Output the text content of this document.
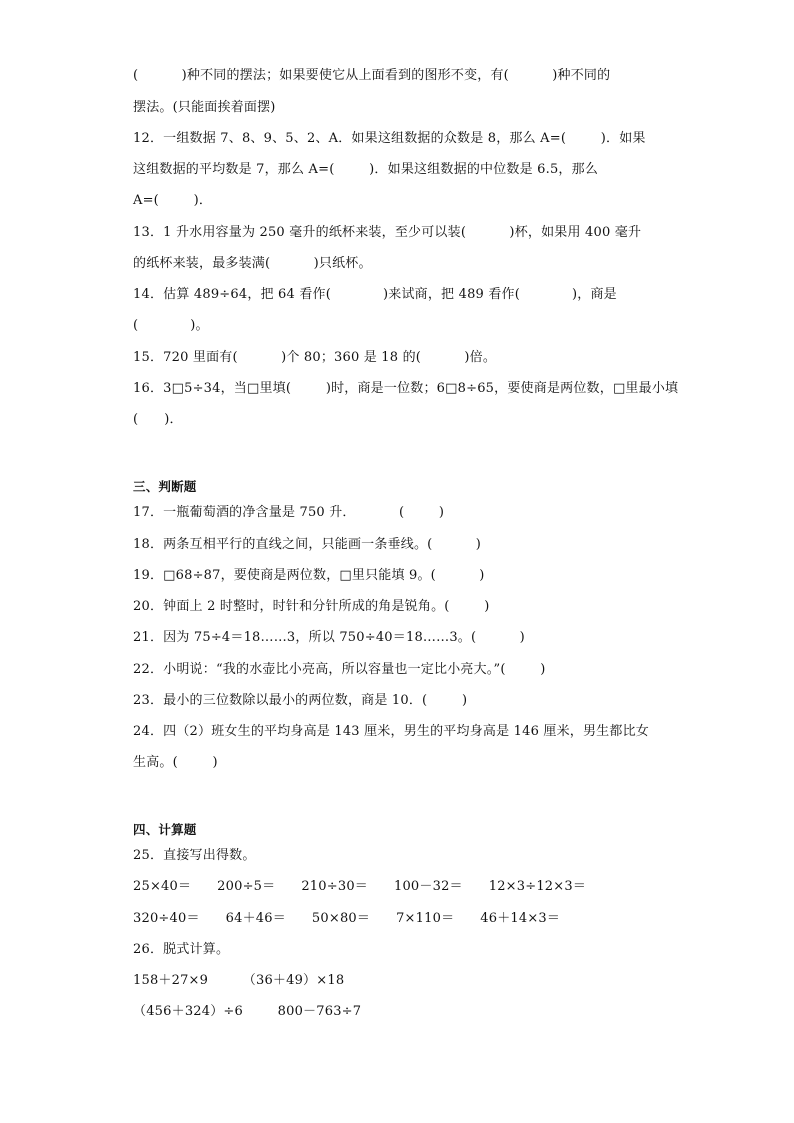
(          )种不同的摆法；如果要使它从上面看到的图形不变，有(          )种不同的
摆法。(只能面挨着面摆)
12．一组数据 7、8、9、5、2、A．如果这组数据的众数是 8，那么 A=(        )．如果
这组数据的平均数是 7，那么 A=(        )．如果这组数据的中位数是 6.5，那么
A=(        )．
13．1 升水用容量为 250 毫升的纸杯来装，至少可以装(          )杯，如果用 400 毫升
的纸杯来装，最多装满(          )只纸杯。
14．估算 489÷64，把 64 看作(            )来试商，把 489 看作(            )，商是
(            )。
15．720 里面有(          )个 80；360 是 18 的(          )倍。
16．3□5÷34，当□里填(        )时，商是一位数；6□8÷65，要使商是两位数，□里最小填
(      )．
三、判断题
17．一瓶葡萄酒的净含量是 750 升．          (        )
18．两条互相平行的直线之间，只能画一条垂线。(          )
19．□68÷87，要使商是两位数，□里只能填 9。(          )
20．钟面上 2 时整时，时针和分针所成的角是锐角。(        )
21．因为 75÷4＝18……3，所以 750÷40＝18……3。(          )
22．小明说：“我的水壶比小亮高，所以容量也一定比小亮大。”(        )
23．最小的三位数除以最小的两位数，商是 10．(        )
24．四（2）班女生的平均身高是 143 厘米，男生的平均身高是 146 厘米，男生都比女
生高。(        )
四、计算题
25．直接写出得数。
25×40＝      200÷5＝      210÷30＝      100－32＝      12×3÷12×3＝
320÷40＝      64＋46＝      50×80＝      7×110＝      46＋14×3＝
26．脱式计算。
158＋27×9        （36＋49）×18
（456＋324）÷6        800－763÷7
